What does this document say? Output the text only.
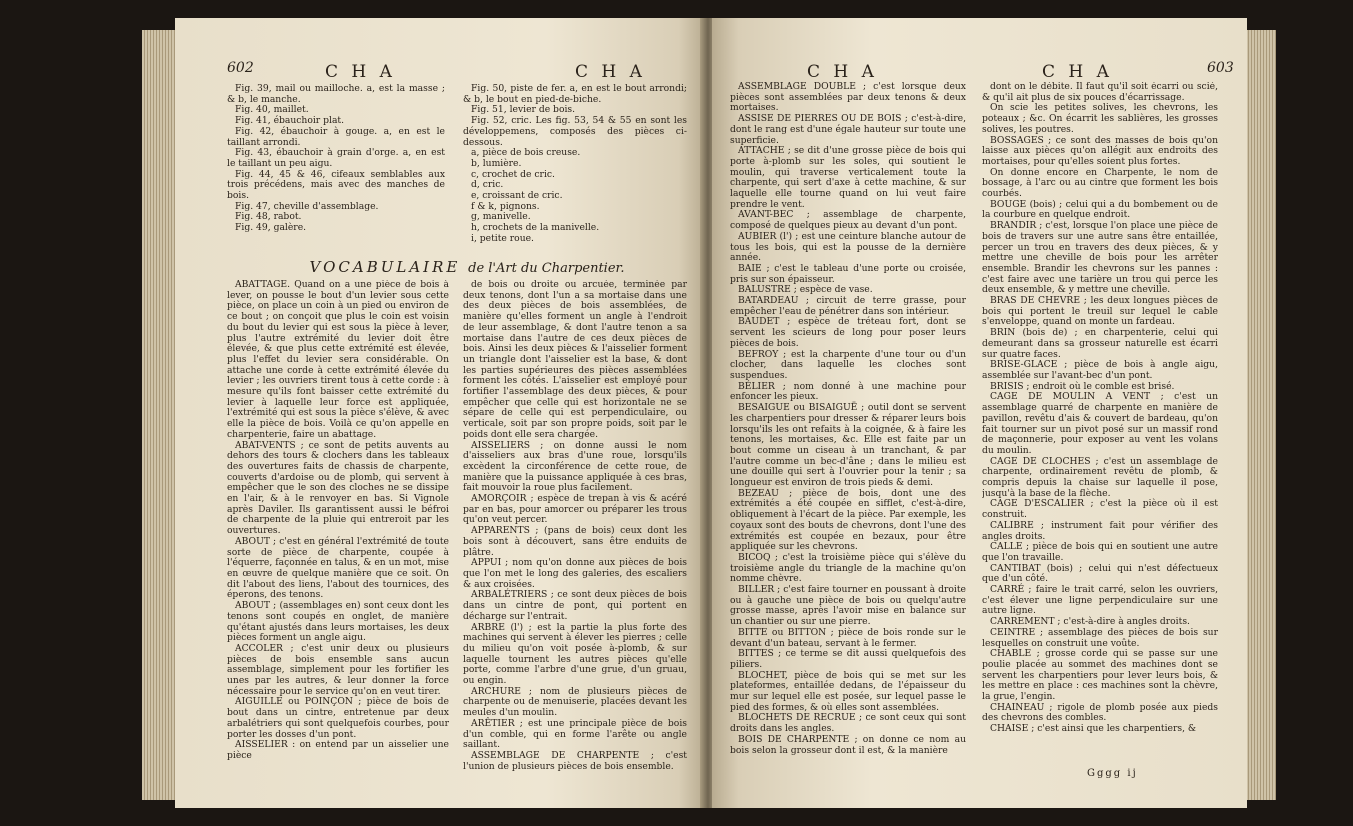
602	C H A	C H A

Fig. 39, mail ou mailloche. a, est la masse ; & b, le manche.

Fig. 40, maillet.

Fig. 41, ébauchoir plat.

Fig. 42, ébauchoir à gouge. a, en est le taillant arrondi.

Fig. 43, ébauchoir à grain d'orge. a, en est le taillant un peu aigu.

Fig. 44, 45 & 46, cifeaux semblables aux trois précédens, mais avec des manches de bois.

Fig. 47, cheville d'assemblage.

Fig. 48, rabot.

Fig. 49, galère.

Fig. 50, piste de fer. a, en est le bout arrondi; & b, le bout en pied-de-biche.

Fig. 51, levier de bois.

Fig. 52, cric. Les fig. 53, 54 & 55 en sont les développemens, composés des pièces ci-dessous.

a, pièce de bois creuse.

b, lumière.

c, crochet de cric.

d, cric.

e, croissant de cric.

f & k, pignons.

g, manivelle.

h, crochets de la manivelle.

i, petite roue.

VOCABULAIRE de l'Art du Charpentier.

ABATTAGE. Quand on a une pièce de bois à lever, on pousse le bout d'un levier sous cette pièce, on place un coin à un pied ou environ de ce bout ; on conçoit que plus le coin est voisin du bout du levier qui est sous la pièce à lever, plus l'autre extrémité du levier doit être élevée, & que plus cette extrémité est élevée, plus l'effet du levier sera considérable. On attache une corde à cette extrémité élevée du levier ; les ouvriers tirent tous à cette corde : à mesure qu'ils font baisser cette extrémité du levier à laquelle leur force est appliquée, l'extrémité qui est sous la pièce s'élève, & avec elle la pièce de bois. Voilà ce qu'on appelle en charpenterie, faire un abattage.

ABAT-VENTS ; ce sont de petits auvents au dehors des tours & clochers dans les tableaux des ouvertures faits de chassis de charpente, couverts d'ardoise ou de plomb, qui servent à empêcher que le son des cloches ne se dissipe en l'air, & à le renvoyer en bas. Si Vignole après Daviler. Ils garantissent aussi le béfroi de charpente de la pluie qui entreroit par les ouvertures.

ABOUT ; c'est en général l'extrémité de toute sorte de pièce de charpente, coupée à l'équerre, façonnée en talus, & en un mot, mise en œuvre de quelque manière que ce soit. On dit l'about des liens, l'about des tournices, des éperons, des tenons.

ABOUT ; (assemblages en) sont ceux dont les tenons sont coupés en onglet, de manière qu'étant ajustés dans leurs mortaises, les deux pièces forment un angle aigu.

ACCOLER ; c'est unir deux ou plusieurs pièces de bois ensemble sans aucun assemblage, simplement pour les fortifier les unes par les autres, & leur donner la force nécessaire pour le service qu'on en veut tirer.

AIGUILLE ou POINÇON ; pièce de bois de bout dans un cintre, entretenue par deux arbalétriers qui sont quelquefois courbes, pour porter les dosses d'un pont.

AISSELIER : on entend par un aisselier une pièce

de bois ou droite ou arcuée, terminée par deux tenons, dont l'un a sa mortaise dans une des deux pièces de bois assemblées, de manière qu'elles forment un angle à l'endroit de leur assemblage, & dont l'autre tenon a sa mortaise dans l'autre de ces deux pièces de bois. Ainsi les deux pièces & l'aisselier forment un triangle dont l'aisselier est la base, & dont les parties supérieures des pièces assemblées forment les côtés. L'aisselier est employé pour fortifier l'assemblage des deux pièces, & pour empêcher que celle qui est horizontale ne se sépare de celle qui est perpendiculaire, ou verticale, soit par son propre poids, soit par le poids dont elle sera chargée.

AISSELIERS ; on donne aussi le nom d'aisseliers aux bras d'une roue, lorsqu'ils excèdent la circonférence de cette roue, de manière que la puissance appliquée à ces bras, fait mouvoir la roue plus facilement.

AMORÇOIR ; espèce de trepan à vis & acéré par en bas, pour amorcer ou préparer les trous qu'on veut percer.

APPARENTS ; (pans de bois) ceux dont les bois sont à découvert, sans être enduits de plâtre.

APPUI ; nom qu'on donne aux pièces de bois que l'on met le long des galeries, des escaliers & aux croisées.

ARBALÉTRIERS ; ce sont deux pièces de bois dans un cintre de pont, qui portent en décharge sur l'entrait.

ARBRE (l') ; est la partie la plus forte des machines qui servent à élever les pierres ; celle du milieu qu'on voit posée à-plomb, & sur laquelle tournent les autres pièces qu'elle porte, comme l'arbre d'une grue, d'un gruau, ou engin.

ARCHURE ; nom de plusieurs pièces de charpente ou de menuiserie, placées devant les meules d'un moulin.

ARÊTIER ; est une principale pièce de bois d'un comble, qui en forme l'arête ou angle saillant.

ASSEMBLAGE DE CHARPENTE ; c'est l'union de plusieurs pièces de bois ensemble.

C H A	C H A	603

ASSEMBLAGE DOUBLE ; c'est lorsque deux pièces sont assemblées par deux tenons & deux mortaises.

ASSISE DE PIERRES OU DE BOIS ; c'est-à-dire, dont le rang est d'une égale hauteur sur toute une superficie.

ATTACHE ; se dit d'une grosse pièce de bois qui porte à-plomb sur les soles, qui soutient le moulin, qui traverse verticalement toute la charpente, qui sert d'axe à cette machine, & sur laquelle elle tourne quand on lui veut faire prendre le vent.

AVANT-BEC ; assemblage de charpente, composé de quelques pieux au devant d'un pont.

AUBIER (l') ; est une ceinture blanche autour de tous les bois, qui est la pousse de la dernière année.

BAIE ; c'est le tableau d'une porte ou croisée, pris sur son épaisseur.

BALUSTRE ; espèce de vase.

BATARDEAU ; circuit de terre grasse, pour empêcher l'eau de pénétrer dans son intérieur.

BAUDET ; espèce de tréteau fort, dont se servent les scieurs de long pour poser leurs pièces de bois.

BEFROY ; est la charpente d'une tour ou d'un clocher, dans laquelle les cloches sont suspendues.

BÉLIER ; nom donné à une machine pour enfoncer les pieux.

BESAIGUE ou BISAIGUË ; outil dont se servent les charpentiers pour dresser & réparer leurs bois lorsqu'ils les ont refaits à la coignée, & à faire les tenons, les mortaises, &c. Elle est faite par un bout comme un ciseau à un tranchant, & par l'autre comme un bec-d'âne ; dans le milieu est une douille qui sert à l'ouvrier pour la tenir ; sa longueur est environ de trois pieds & demi.

BEZEAU ; pièce de bois, dont une des extrémités a été coupée en sifflet, c'est-à-dire, obliquement à l'écart de la pièce. Par exemple, les coyaux sont des bouts de chevrons, dont l'une des extrémités est coupée en bezaux, pour être appliquée sur les chevrons.

BICOQ ; c'est la troisième pièce qui s'élève du troisième angle du triangle de la machine qu'on nomme chèvre.

BILLER ; c'est faire tourner en poussant à droite ou à gauche une pièce de bois ou quelqu'autre grosse masse, après l'avoir mise en balance sur un chantier ou sur une pierre.

BITTE ou BITTON ; pièce de bois ronde sur le devant d'un bateau, servant à le fermer.

BITTES ; ce terme se dit aussi quelquefois des piliers.

BLOCHET, pièce de bois qui se met sur les plateformes, entaillée dedans, de l'épaisseur du mur sur lequel elle est posée, sur lequel passe le pied des formes, & où elles sont assemblées.

BLOCHETS DE RECRUE ; ce sont ceux qui sont droits dans les angles.

BOIS DE CHARPENTE ; on donne ce nom au bois selon la grosseur dont il est, & la manière

dont on le débite. Il faut qu'il soit écarri ou scié, & qu'il ait plus de six pouces d'écarrissage.

On scie les petites solives, les chevrons, les poteaux ; &c. On écarrit les sablières, les grosses solives, les poutres.

BOSSAGES ; ce sont des masses de bois qu'on laisse aux pièces qu'on allégit aux endroits des mortaises, pour qu'elles soient plus fortes.

On donne encore en Charpente, le nom de bossage, à l'arc ou au cintre que forment les bois courbés.

BOUGE (bois) ; celui qui a du bombement ou de la courbure en quelque endroit.

BRANDIR ; c'est, lorsque l'on place une pièce de bois de travers sur une autre sans être entaillée, percer un trou en travers des deux pièces, & y mettre une cheville de bois pour les arrêter ensemble. Brandir les chevrons sur les pannes : c'est faire avec une tarière un trou qui perce les deux ensemble, & y mettre une cheville.

BRAS DE CHEVRE ; les deux longues pièces de bois qui portent le treuil sur lequel le cable s'enveloppe, quand on monte un fardeau.

BRIN (bois de) ; en charpenterie, celui qui demeurant dans sa grosseur naturelle est écarri sur quatre faces.

BRISE-GLACE ; pièce de bois à angle aigu, assemblée sur l'avant-bec d'un pont.

BRISIS ; endroit où le comble est brisé.

CAGE DE MOULIN A VENT ; c'est un assemblage quarré de charpente en manière de pavillon, revêtu d'ais & couvert de bardeau, qu'on fait tourner sur un pivot posé sur un massif rond de maçonnerie, pour exposer au vent les volans du moulin.

CAGE DE CLOCHES ; c'est un assemblage de charpente, ordinairement revêtu de plomb, & compris depuis la chaise sur laquelle il pose, jusqu'à la base de la flèche.

CAGE D'ESCALIER ; c'est la pièce où il est construit.

CALIBRE ; instrument fait pour vérifier des angles droits.

CALLE ; pièce de bois qui en soutient une autre que l'on travaille.

CANTIBAT (bois) ; celui qui n'est défectueux que d'un côté.

CARRÉ ; faire le trait carré, selon les ouvriers, c'est élever une ligne perpendiculaire sur une autre ligne.

CARREMENT ; c'est-à-dire à angles droits.

CEINTRE ; assemblage des pièces de bois sur lesquelles on construit une voûte.

CHABLE ; grosse corde qui se passe sur une poulie placée au sommet des machines dont se servent les charpentiers pour lever leurs bois, & les mettre en place : ces machines sont la chèvre, la grue, l'engin.

CHAINEAU ; rigole de plomb posée aux pieds des chevrons des combles.

CHAISE ; c'est ainsi que les charpentiers, &

Gggg ij
